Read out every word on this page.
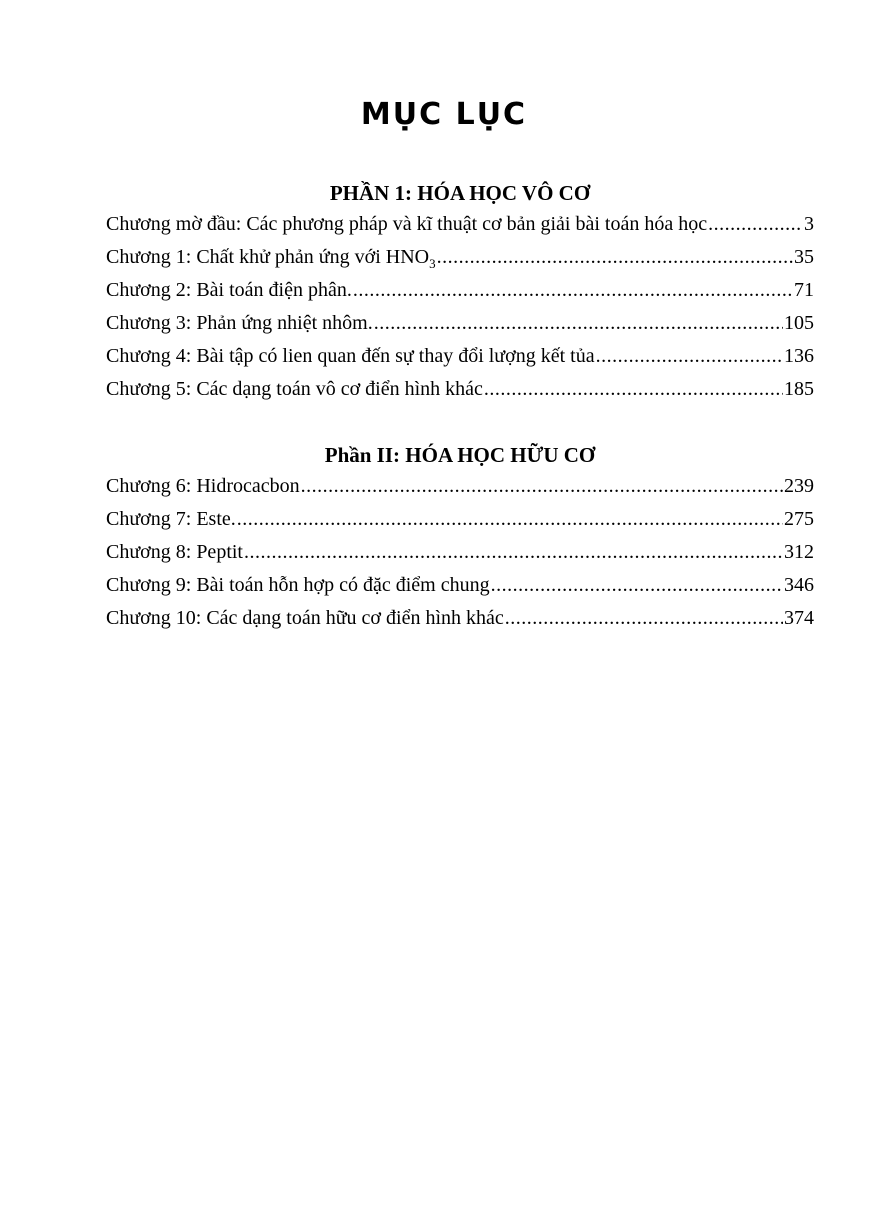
MỤC LỤC
PHẦN 1: HÓA HỌC VÔ CƠ
Chương mờ đầu: Các phương pháp và kĩ thuật cơ bản giải bài toán hóa học .....	3
Chương 1: Chất khử phản ứng với $HNO_3$ .....	35
Chương 2: Bài toán điện phân. .....	71
Chương 3: Phản ứng nhiệt nhôm. .....	105
Chương 4: Bài tập có lien quan đến sự thay đổi lượng kết tủa .....	136
Chương 5: Các dạng toán vô cơ điển hình khác .....	185
Phần II: HÓA HỌC HỮU CƠ
Chương 6: Hidrocacbon .....	239
Chương 7: Este. .....	275
Chương 8: Peptit .....	312
Chương 9: Bài toán hỗn hợp có đặc điểm chung .....	346
Chương 10: Các dạng toán hữu cơ điển hình khác .....	374
